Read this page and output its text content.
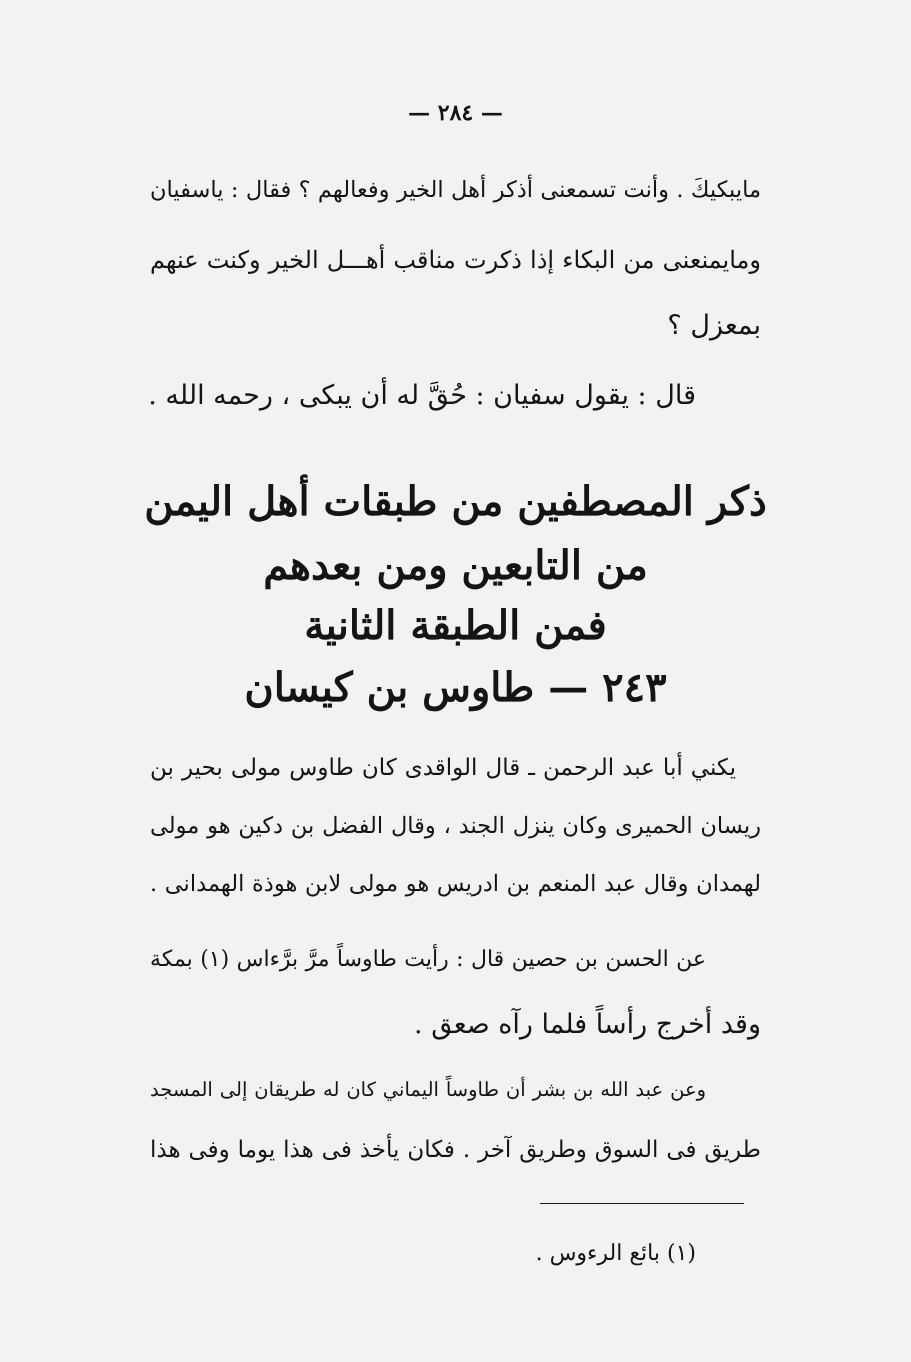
— ٢٨٤ —
مايبكيكَ . وأنت تسمعنى أذكر أهل الخير وفعالهم ؟ فقال : ياسفيان
ومايمنعنى من البكاء إذا ذكرت مناقب أهـــل الخير وكنت عنهم
بمعزل ؟
قال : يقول سفيان : حُقَّ له أن يبكى ، رحمه الله .
ذكر المصطفين من طبقات أهل اليمن
من التابعين ومن بعدهم
فمن الطبقة الثانية
٢٤٣ — طاوس بن كيسان
يكني أبا عبد الرحمن ـ قال الواقدى كان طاوس مولى بحير بن
ريسان الحميرى وكان ينزل الجند ، وقال الفضل بن دكين هو مولى
لهمدان وقال عبد المنعم بن ادريس هو مولى لابن هوذة الهمدانى .
عن الحسن بن حصين قال : رأيت طاوساً مرَّ برَّءاس (١) بمكة
وقد أخرج رأساً فلما رآه صعق .
وعن عبد الله بن بشر أن طاوساً اليماني كان له طريقان إلى المسجد
طريق فى السوق وطريق آخر . فكان يأخذ فى هذا يوما وفى هذا
(١) بائع الرءوس .
